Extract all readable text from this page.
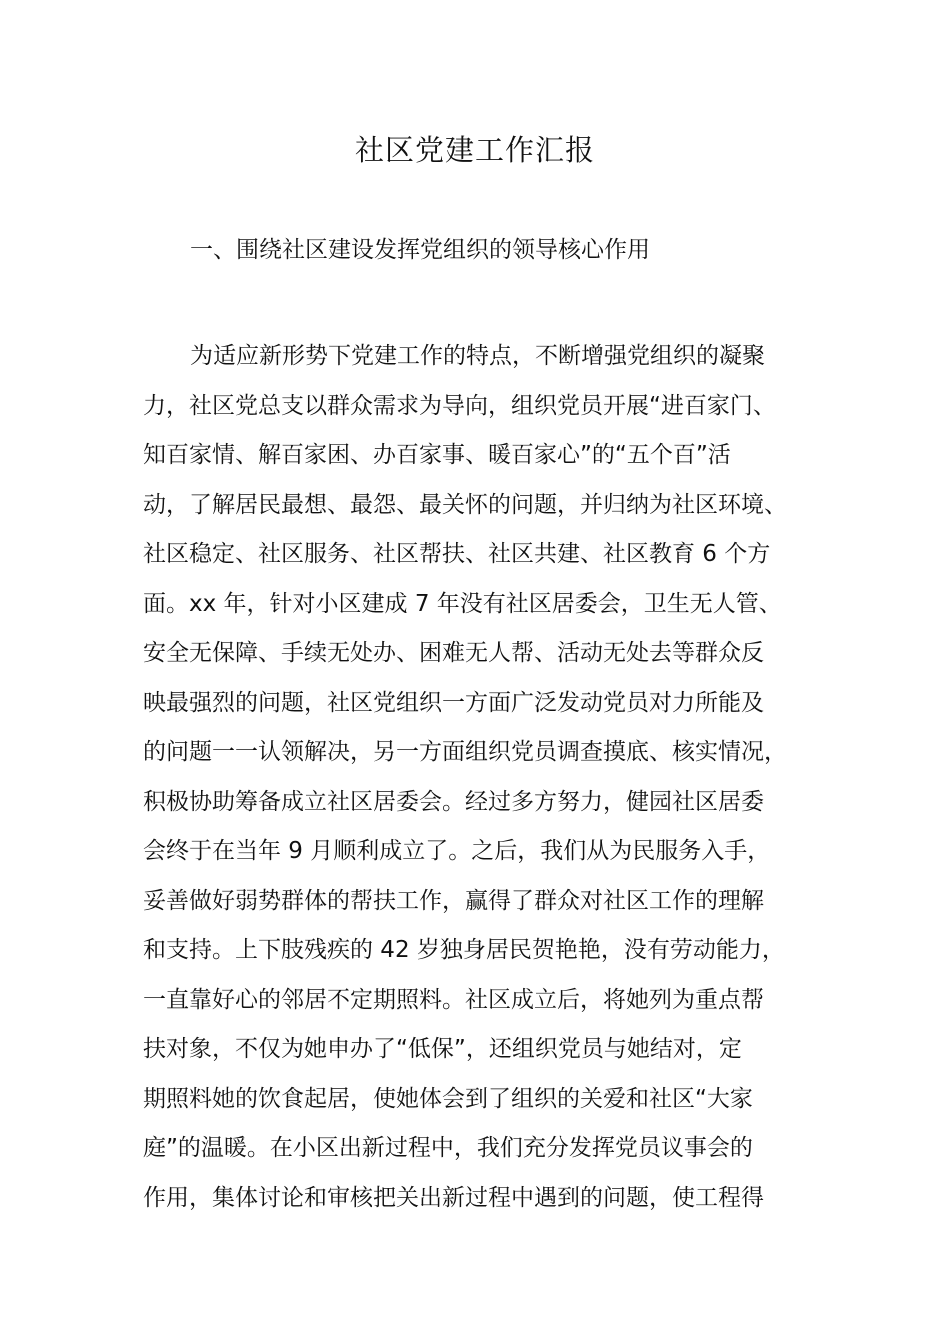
社区党建工作汇报
一、围绕社区建设发挥党组织的领导核心作用

为适应新形势下党建工作的特点，不断增强党组织的凝聚

力，社区党总支以群众需求为导向，组织党员开展“进百家门、

知百家情、解百家困、办百家事、暖百家心”的“五个百”活

动，了解居民最想、最怨、最关怀的问题，并归纳为社区环境、

社区稳定、社区服务、社区帮扶、社区共建、社区教育 6 个方

面。xx 年，针对小区建成 7 年没有社区居委会，卫生无人管、

安全无保障、手续无处办、困难无人帮、活动无处去等群众反

映最强烈的问题，社区党组织一方面广泛发动党员对力所能及

的问题一一认领解决，另一方面组织党员调查摸底、核实情况，

积极协助筹备成立社区居委会。经过多方努力，健园社区居委

会终于在当年 9 月顺利成立了。之后，我们从为民服务入手，

妥善做好弱势群体的帮扶工作，赢得了群众对社区工作的理解

和支持。上下肢残疾的 42 岁独身居民贺艳艳，没有劳动能力，

一直靠好心的邻居不定期照料。社区成立后，将她列为重点帮

扶对象，不仅为她申办了“低保”，还组织党员与她结对，定

期照料她的饮食起居，使她体会到了组织的关爱和社区“大家

庭”的温暖。在小区出新过程中，我们充分发挥党员议事会的

作用，集体讨论和审核把关出新过程中遇到的问题，使工程得
